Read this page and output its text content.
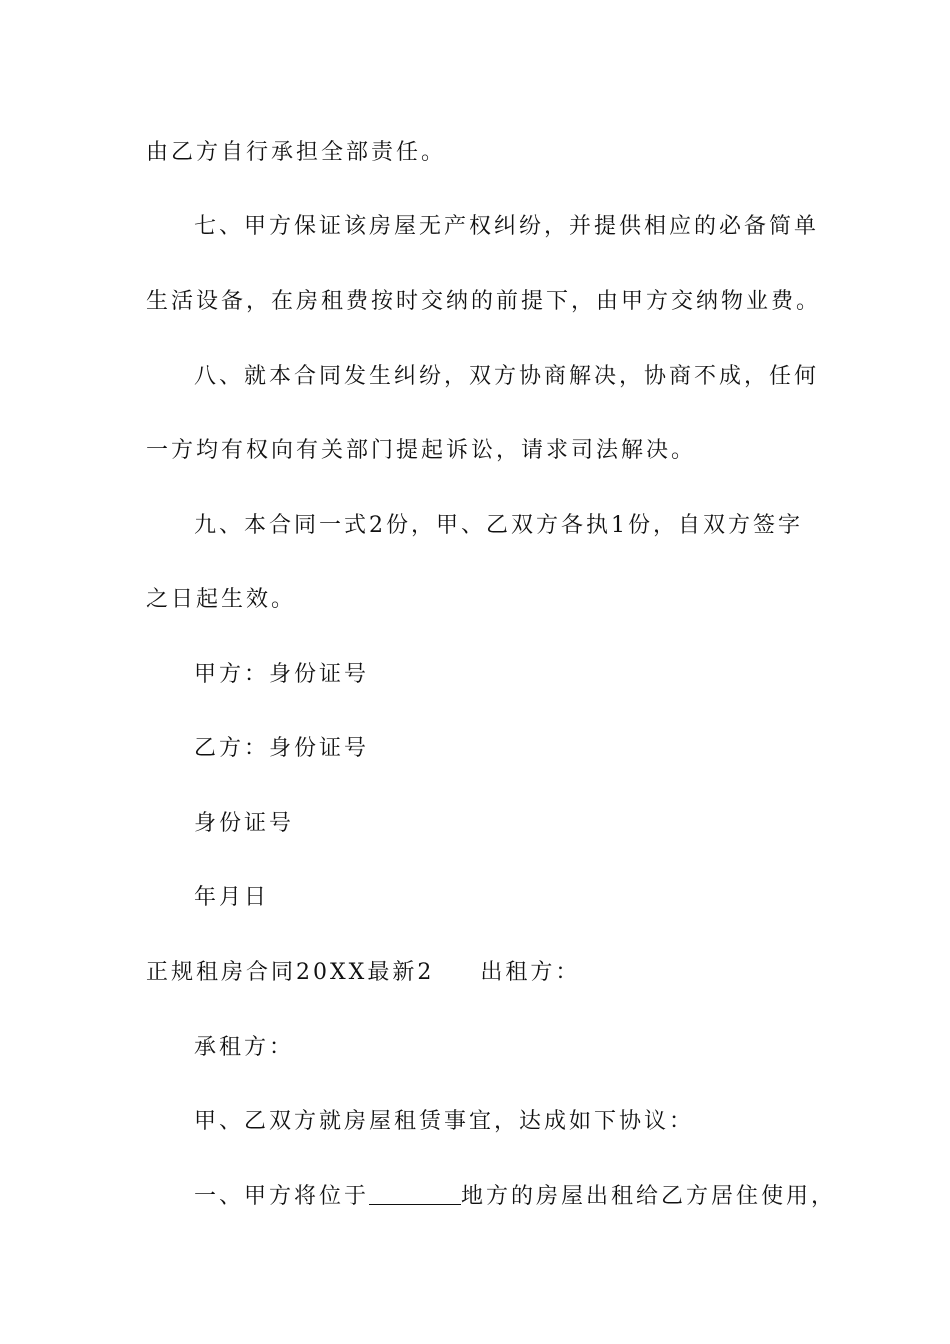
由乙方自行承担全部责任。
七、甲方保证该房屋无产权纠纷，并提供相应的必备简单
生活设备，在房租费按时交纳的前提下，由甲方交纳物业费。
八、就本合同发生纠纷，双方协商解决，协商不成，任何
一方均有权向有关部门提起诉讼，请求司法解决。
九、本合同一式2份，甲、乙双方各执1份，自双方签字
之日起生效。
甲方：身份证号
乙方：身份证号
身份证号
年月日
正规租房合同20XX最新2 出租方：
承租方：
甲、乙双方就房屋租赁事宜，达成如下协议：
一、甲方将位于	地方的房屋出租给乙方居住使用，
